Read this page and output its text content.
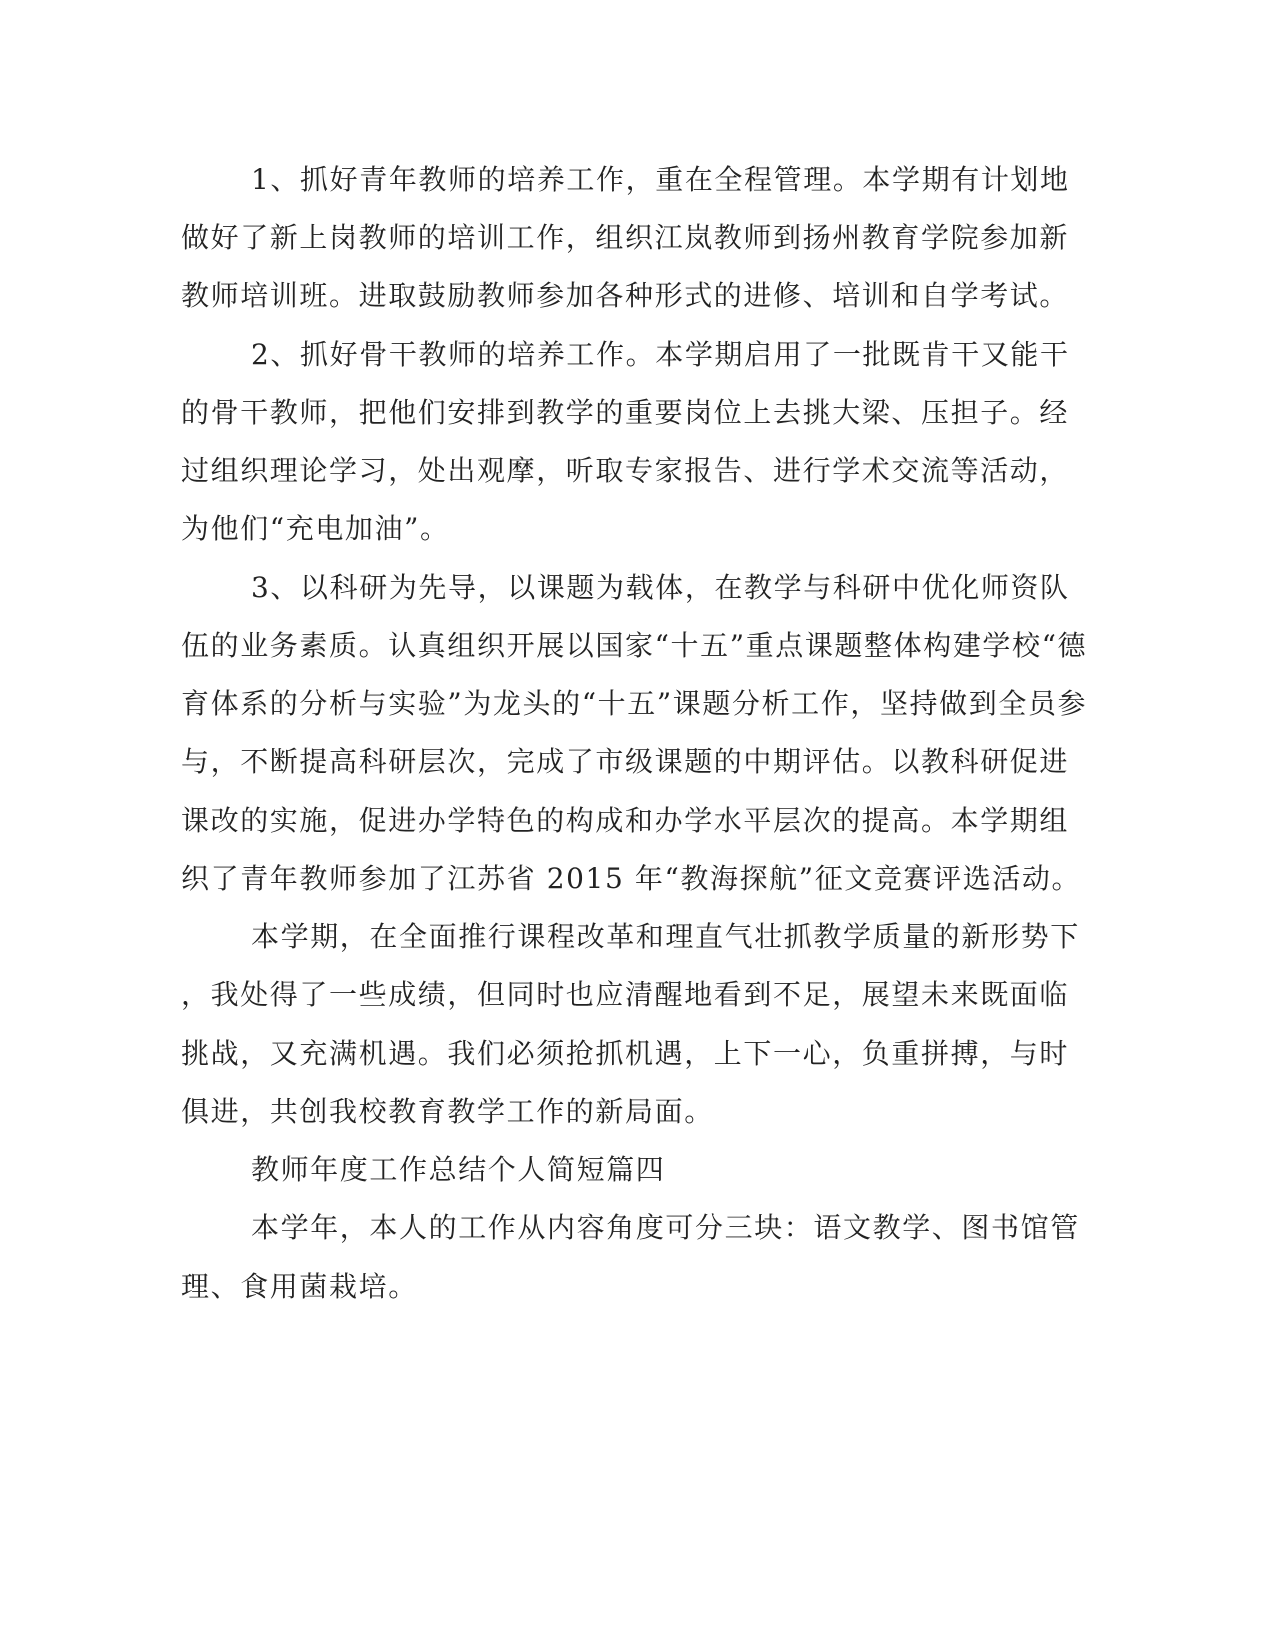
1、抓好青年教师的培养工作，重在全程管理。本学期有计划地
做好了新上岗教师的培训工作，组织江岚教师到扬州教育学院参加新
教师培训班。进取鼓励教师参加各种形式的进修、培训和自学考试。
2、抓好骨干教师的培养工作。本学期启用了一批既肯干又能干
的骨干教师，把他们安排到教学的重要岗位上去挑大梁、压担子。经
过组织理论学习，处出观摩，听取专家报告、进行学术交流等活动，
为他们“充电加油”。
3、以科研为先导，以课题为载体，在教学与科研中优化师资队
伍的业务素质。认真组织开展以国家“十五”重点课题整体构建学校“德
育体系的分析与实验”为龙头的“十五”课题分析工作，坚持做到全员参
与，不断提高科研层次，完成了市级课题的中期评估。以教科研促进
课改的实施，促进办学特色的构成和办学水平层次的提高。本学期组
织了青年教师参加了江苏省 2015 年“教海探航”征文竞赛评选活动。
本学期，在全面推行课程改革和理直气壮抓教学质量的新形势下
，我处得了一些成绩，但同时也应清醒地看到不足，展望未来既面临
挑战，又充满机遇。我们必须抢抓机遇，上下一心，负重拼搏，与时
俱进，共创我校教育教学工作的新局面。
教师年度工作总结个人简短篇四
本学年，本人的工作从内容角度可分三块：语文教学、图书馆管
理、食用菌栽培。
